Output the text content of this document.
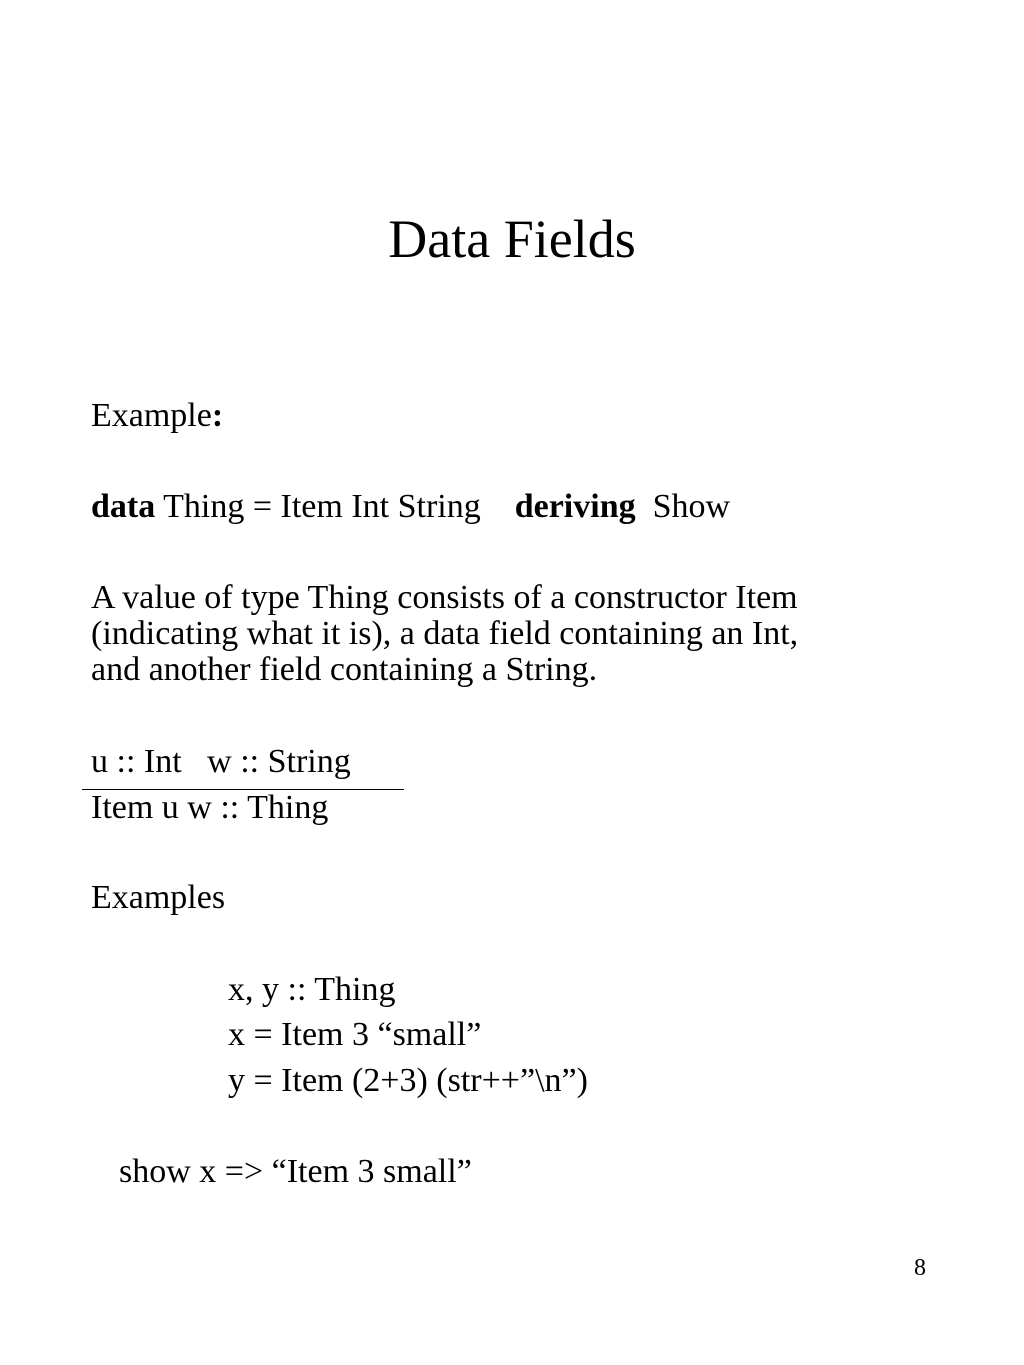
Data Fields

Example:

data Thing = Item Int String    deriving  Show

A value of type Thing consists of a constructor Item

(indicating what it is), a data field containing an Int,

and another field containing a String.

u :: Int   w :: String

Item u w :: Thing

Examples

x, y :: Thing

x = Item 3 “small”

y = Item (2+3) (str++”\n”)

show x => “Item 3 small”

8
